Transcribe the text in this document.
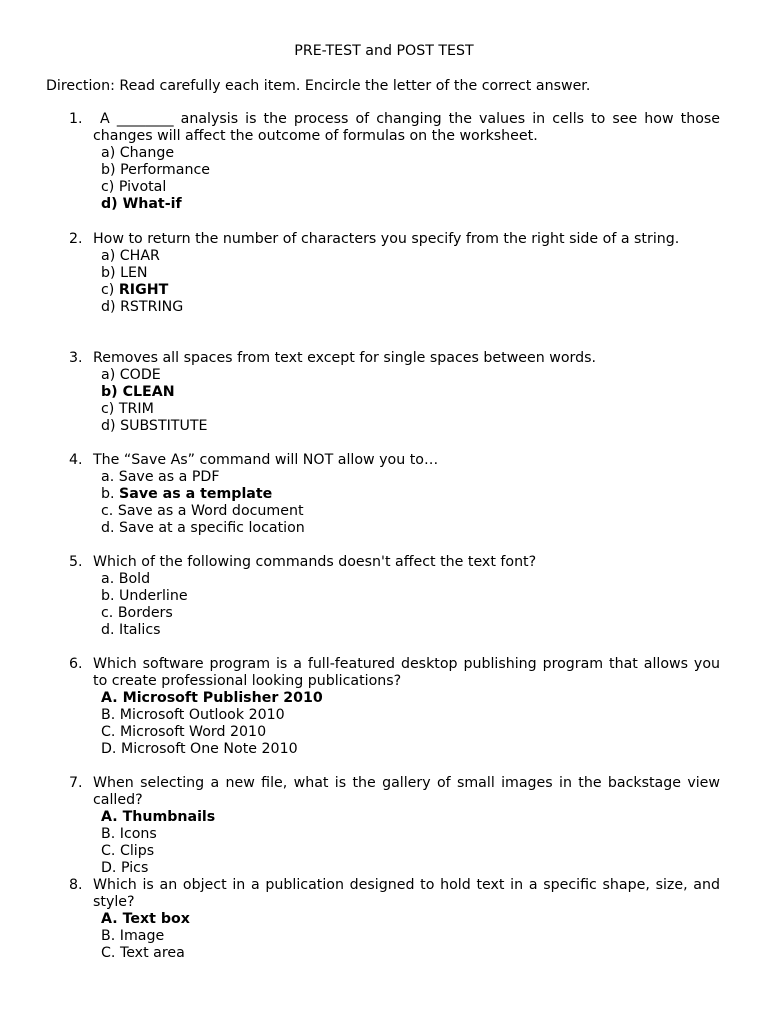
PRE-TEST and POST TEST
Direction: Read carefully each item. Encircle the letter of the correct answer.
1. A ________ analysis is the process of changing the values in cells to see how those changes will affect the outcome of formulas on the worksheet.
a) Change
b) Performance
c) Pivotal
d) What-if
2. How to return the number of characters you specify from the right side of a string.
a) CHAR
b) LEN
c) RIGHT
d) RSTRING
3. Removes all spaces from text except for single spaces between words.
a) CODE
b) CLEAN
c) TRIM
d) SUBSTITUTE
4. The “Save As” command will NOT allow you to…
a. Save as a PDF
b. Save as a template
c. Save as a Word document
d. Save at a specific location
5. Which of the following commands doesn't affect the text font?
a. Bold
b. Underline
c. Borders
d. Italics
6. Which software program is a full-featured desktop publishing program that allows you to create professional looking publications?
A. Microsoft Publisher 2010
B. Microsoft Outlook 2010
C. Microsoft Word 2010
D. Microsoft One Note 2010
7. When selecting a new file, what is the gallery of small images in the backstage view called?
A. Thumbnails
B. Icons
C. Clips
D. Pics
8. Which is an object in a publication designed to hold text in a specific shape, size, and style?
A. Text box
B. Image
C. Text area
